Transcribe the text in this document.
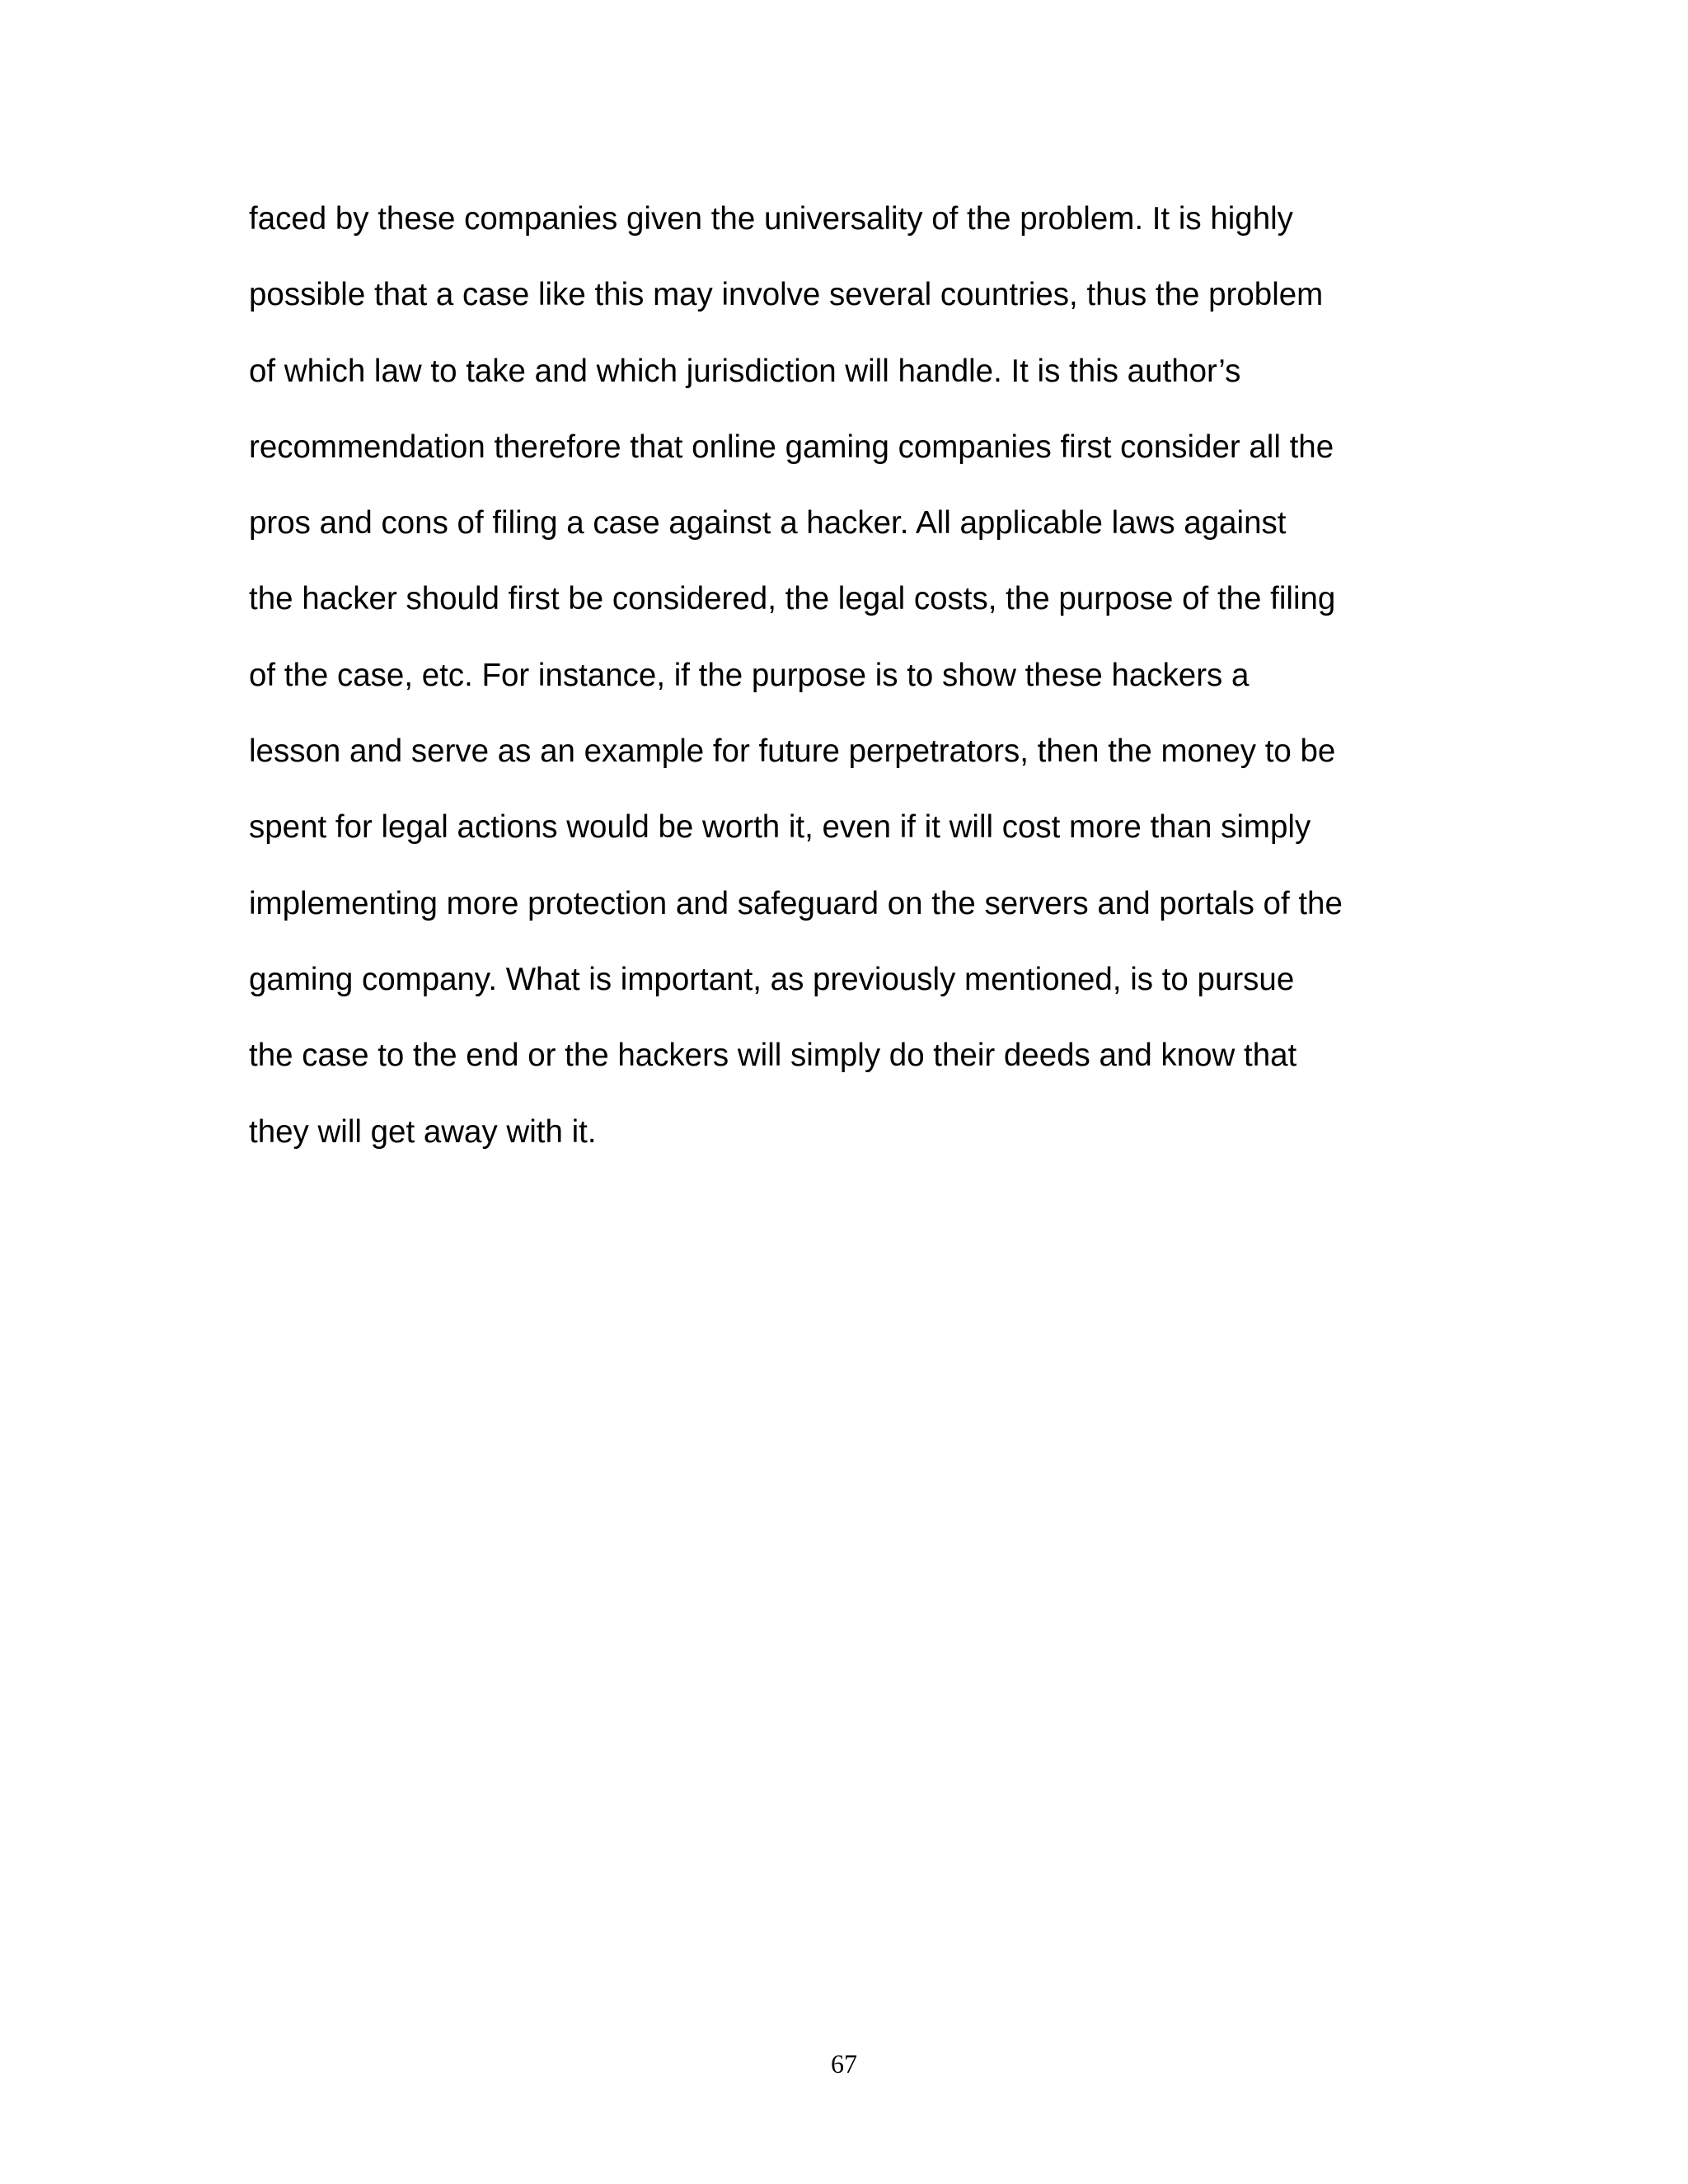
faced by these companies given the universality of the problem. It is highly
possible that a case like this may involve several countries, thus the problem
of which law to take and which jurisdiction will handle. It is this author’s
recommendation therefore that online gaming companies first consider all the
pros and cons of filing a case against a hacker. All applicable laws against
the hacker should first be considered, the legal costs, the purpose of the filing
of the case, etc. For instance, if the purpose is to show these hackers a
lesson and serve as an example for future perpetrators, then the money to be
spent for legal actions would be worth it, even if it will cost more than simply
implementing more protection and safeguard on the servers and portals of the
gaming company. What is important, as previously mentioned, is to pursue
the case to the end or the hackers will simply do their deeds and know that
they will get away with it.
67
